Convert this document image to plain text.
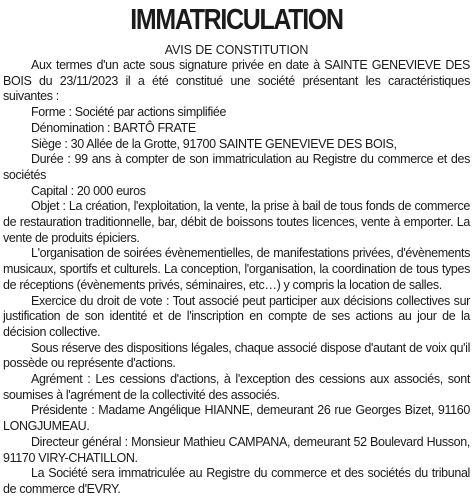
IMMATRICULATION
AVIS DE CONSTITUTION

Aux termes d'un acte sous signature privée en date à SAINTE GENEVIEVE DES BOIS du 23/11/2023 il a été constitué une société présentant les caractéristiques suivantes :

Forme : Société par actions simplifiée

Dénomination : BARTÔ FRATE

Siège : 30 Allée de la Grotte, 91700 SAINTE GENEVIEVE DES BOIS,

Durée : 99 ans à compter de son immatriculation au Registre du commerce et des sociétés

Capital : 20 000 euros

Objet : La création, l'exploitation, la vente, la prise à bail de tous fonds de commerce de restauration traditionnelle, bar, débit de boissons toutes licences, vente à emporter. La vente de produits épiciers.

L'organisation de soirées évènementielles, de manifestations privées, d'évènements musicaux, sportifs et culturels. La conception, l'organisation, la coordination de tous types de réceptions (évènements privés, séminaires, etc…) y compris la location de salles.

Exercice du droit de vote : Tout associé peut participer aux décisions collectives sur justification de son identité et de l'inscription en compte de ses actions au jour de la décision collective.

Sous réserve des dispositions légales, chaque associé dispose d'autant de voix qu'il possède ou représente d'actions.

Agrément : Les cessions d'actions, à l'exception des cessions aux associés, sont soumises à l'agrément de la collectivité des associés.

Présidente : Madame Angélique HIANNE, demeurant 26 rue Georges Bizet, 91160 LONGJUMEAU.

Directeur général : Monsieur Mathieu CAMPANA, demeurant 52 Boulevard Husson, 91170 VIRY-CHATILLON.

La Société sera immatriculée au Registre du commerce et des sociétés du tribunal de commerce d'EVRY.
